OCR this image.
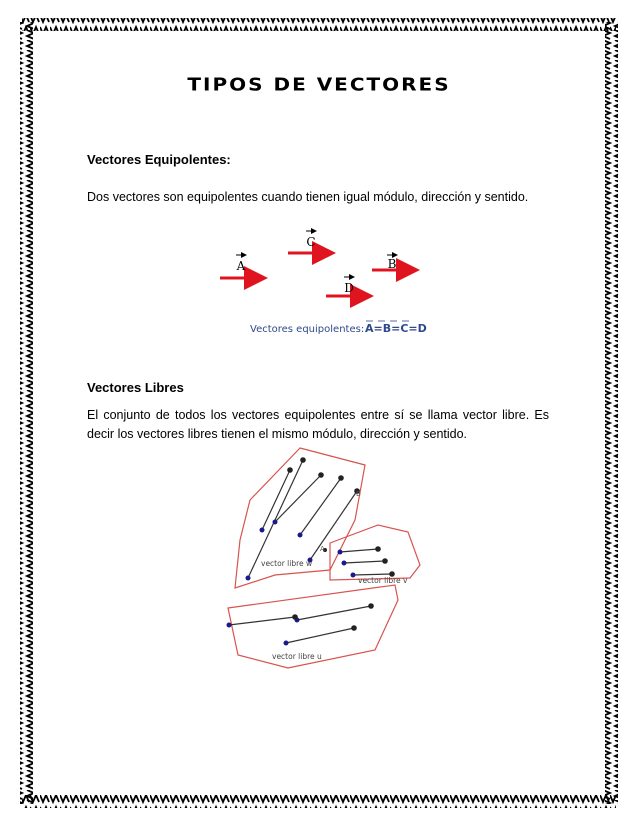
TIPOS DE VECTORES
Vectores Equipolentes:
Dos vectores son equipolentes cuando tienen igual módulo, dirección y sentido.
A
C
B
D
Vectores equipolentes: A=B=C=D
Vectores Libres
El conjunto de todos los vectores equipolentes entre sí se llama vector libre. Es decir los vectores libres tienen el mismo módulo, dirección y sentido.
B
A
vector libre w
vector libre v
vector libre u
